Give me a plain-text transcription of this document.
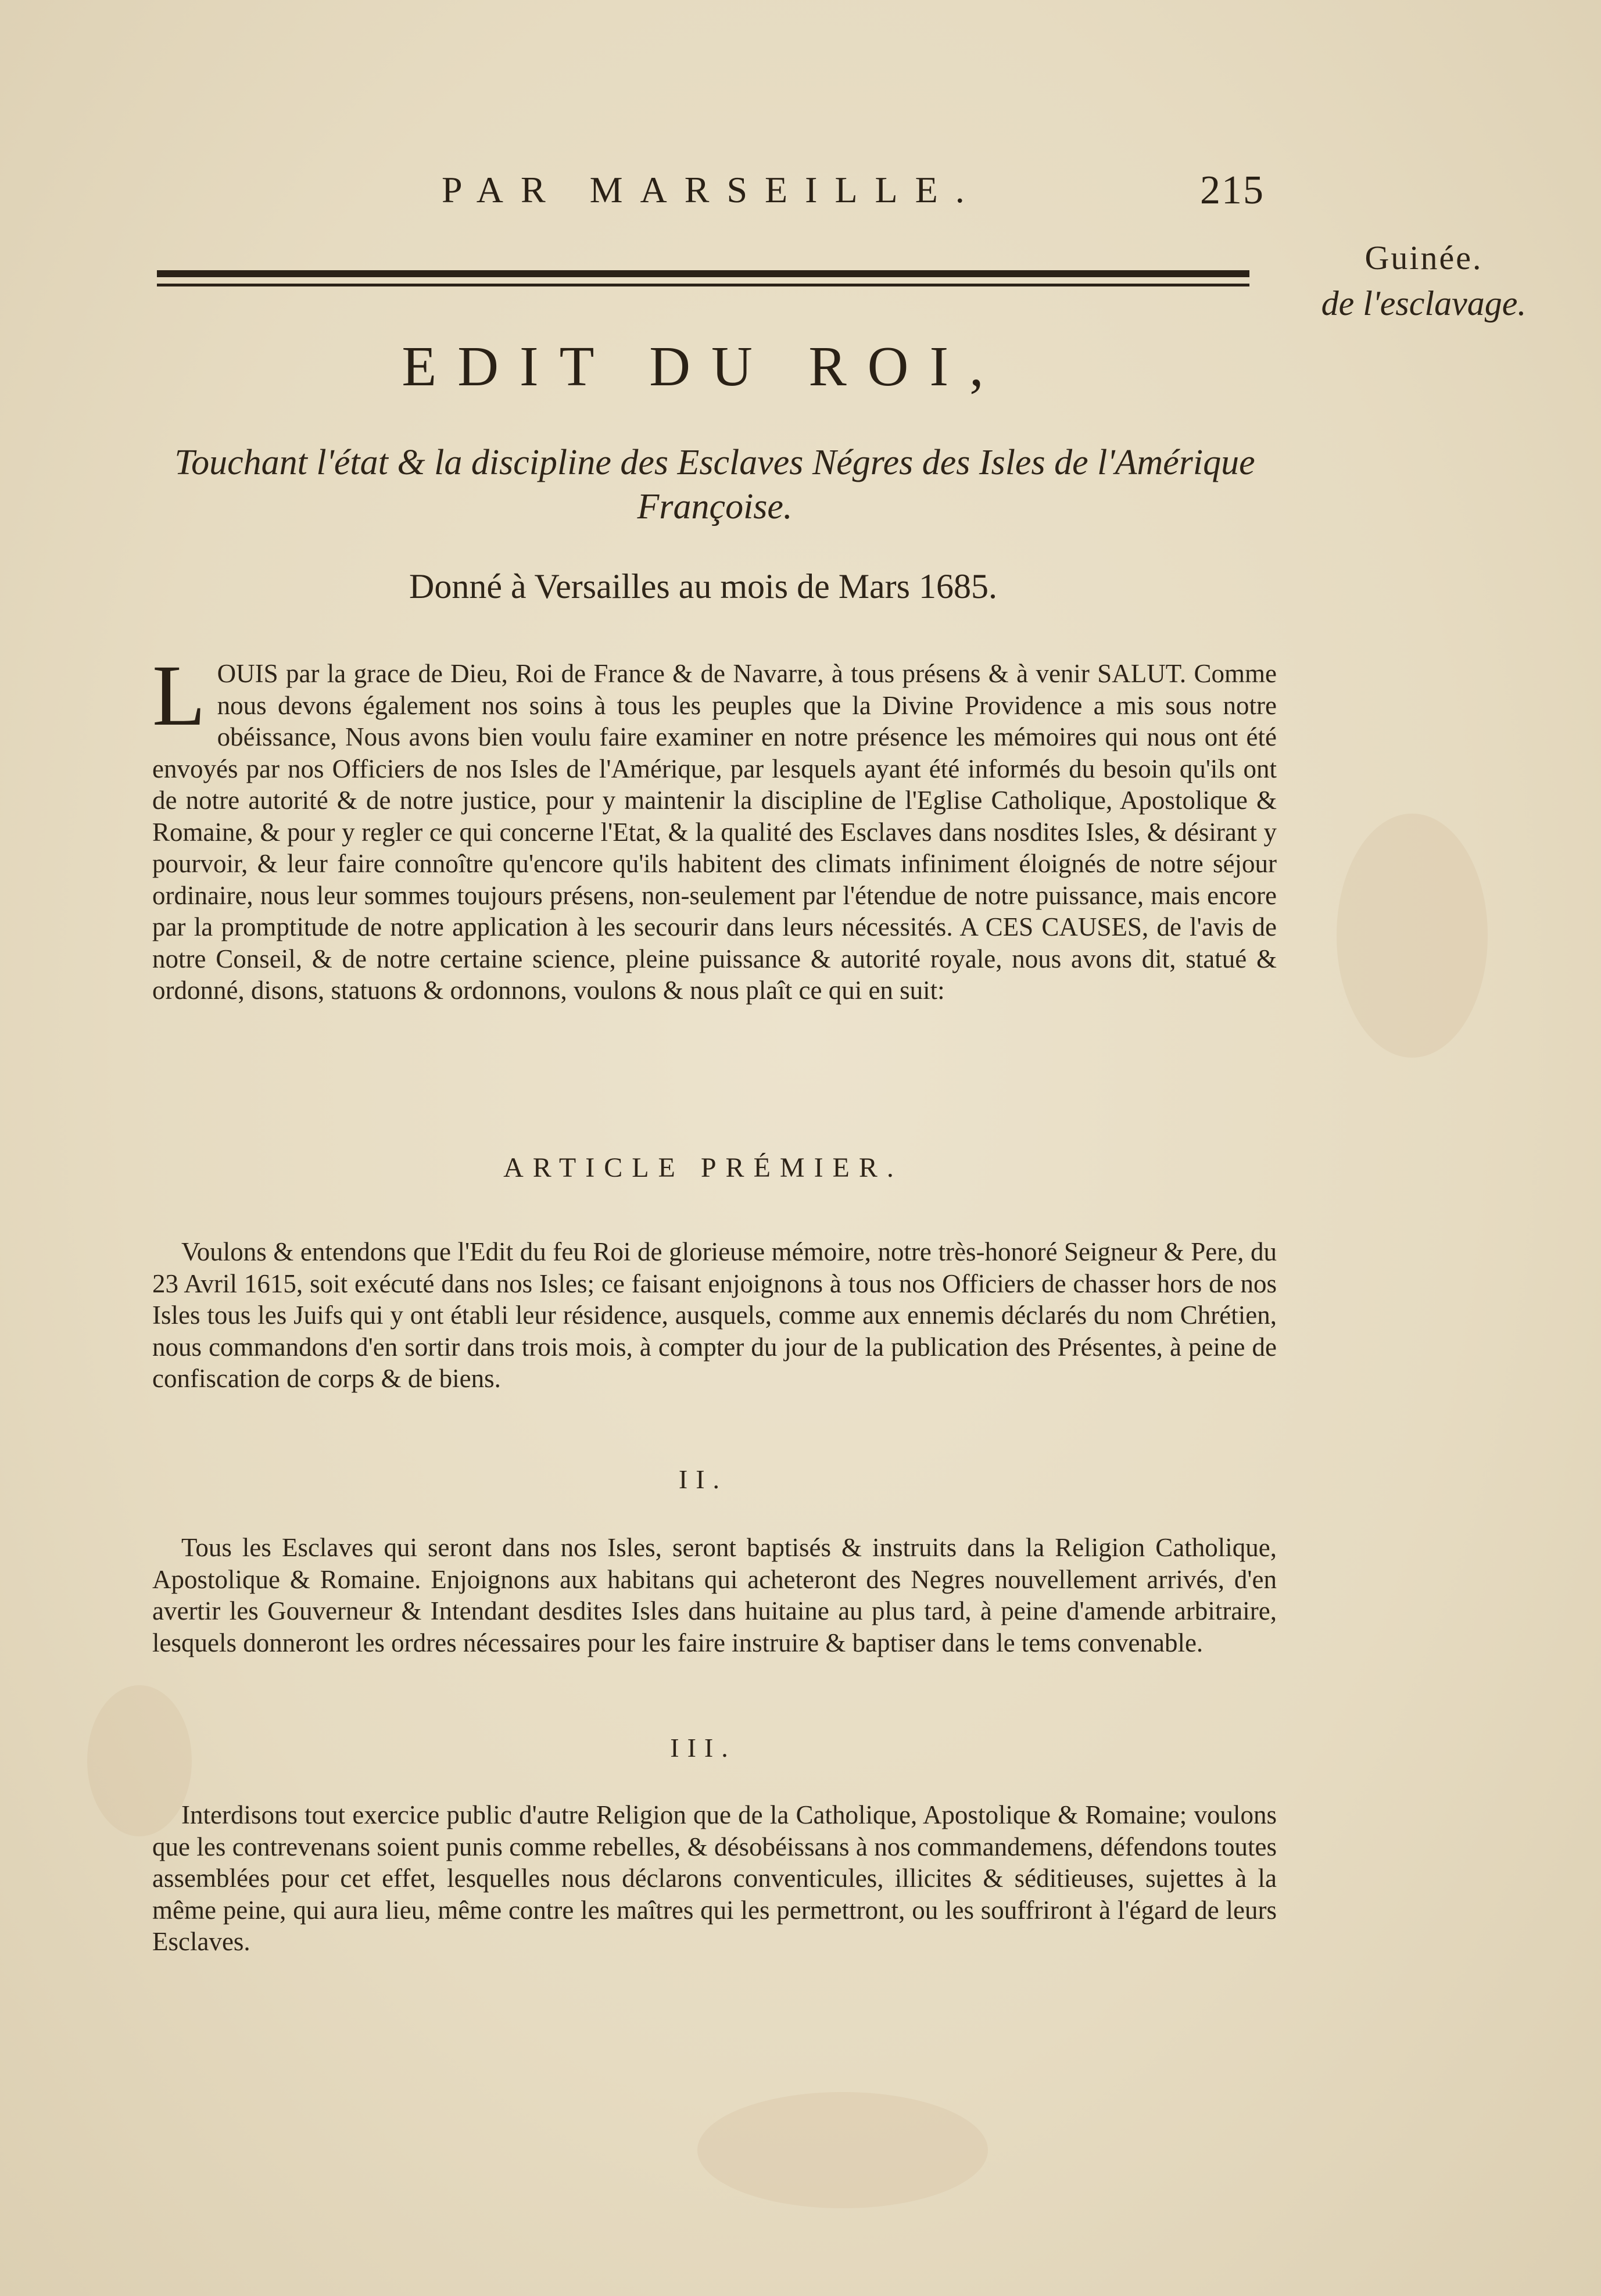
PAR MARSEILLE.	215
Guinée.
de l'esclavage.
EDIT DU ROI,
Touchant l'état & la discipline des Esclaves Négres des Isles de l'Amérique Françoise.
Donné à Versailles au mois de Mars 1685.
LOUIS par la grace de Dieu, Roi de France & de Navarre, à tous présens & à venir SALUT. Comme nous devons également nos soins à tous les peuples que la Divine Providence a mis sous notre obéissance, Nous avons bien voulu faire examiner en notre présence les mémoires qui nous ont été envoyés par nos Officiers de nos Isles de l'Amérique, par lesquels ayant été informés du besoin qu'ils ont de notre autorité & de notre justice, pour y maintenir la discipline de l'Eglise Catholique, Apostolique & Romaine, & pour y regler ce qui concerne l'Etat, & la qualité des Esclaves dans nosdites Isles, & désirant y pourvoir, & leur faire connoître qu'encore qu'ils habitent des climats infiniment éloignés de notre séjour ordinaire, nous leur sommes toujours présens, non-seulement par l'étendue de notre puissance, mais encore par la promptitude de notre application à les secourir dans leurs nécessités. A CES CAUSES, de l'avis de notre Conseil, & de notre certaine science, pleine puissance & autorité royale, nous avons dit, statué & ordonné, disons, statuons & ordonnons, voulons & nous plaît ce qui en suit:
ARTICLE PRÉMIER.
Voulons & entendons que l'Edit du feu Roi de glorieuse mémoire, notre très-honoré Seigneur & Pere, du 23 Avril 1615, soit exécuté dans nos Isles; ce faisant enjoignons à tous nos Officiers de chasser hors de nos Isles tous les Juifs qui y ont établi leur résidence, ausquels, comme aux ennemis déclarés du nom Chrétien, nous commandons d'en sortir dans trois mois, à compter du jour de la publication des Présentes, à peine de confiscation de corps & de biens.
II.
Tous les Esclaves qui seront dans nos Isles, seront baptisés & instruits dans la Religion Catholique, Apostolique & Romaine. Enjoignons aux habitans qui acheteront des Negres nouvellement arrivés, d'en avertir les Gouverneur & Intendant desdites Isles dans huitaine au plus tard, à peine d'amende arbitraire, lesquels donneront les ordres nécessaires pour les faire instruire & baptiser dans le tems convenable.
III.
Interdisons tout exercice public d'autre Religion que de la Catholique, Apostolique & Romaine; voulons que les contrevenans soient punis comme rebelles, & désobéissans à nos commandemens, défendons toutes assemblées pour cet effet, lesquelles nous déclarons conventicules, illicites & séditieuses, sujettes à la même peine, qui aura lieu, même contre les maîtres qui les permettront, ou les souffriront à l'égard de leurs Esclaves.
